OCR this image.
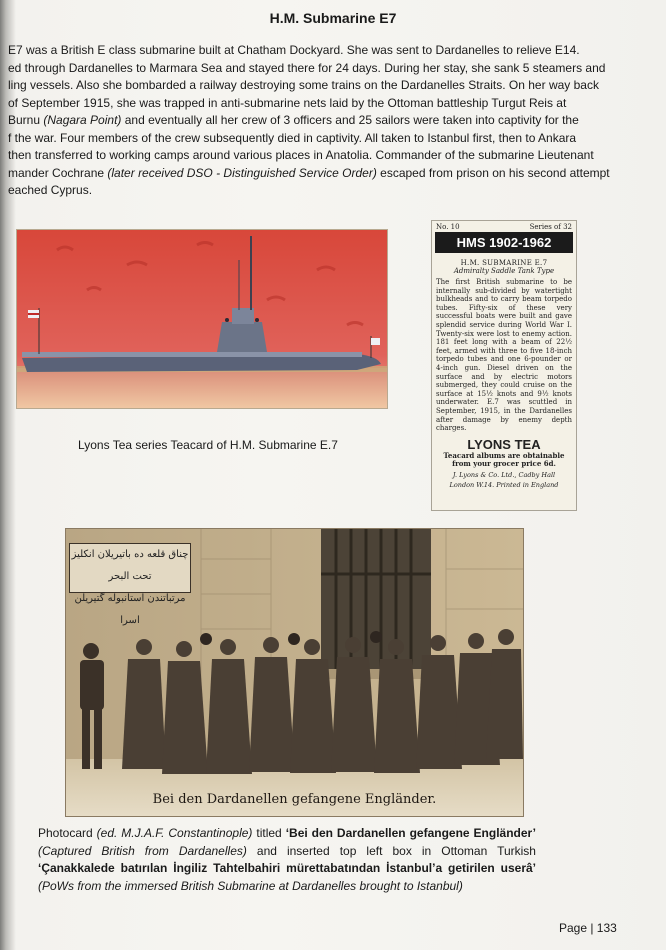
H.M. Submarine E7

E7 was a British E class submarine built at Chatham Dockyard. She was sent to Dardanelles to relieve E14.

ed through Dardanelles to Marmara Sea and stayed there for 24 days. During her stay, she sank 5 steamers and

ling vessels. Also she bombarded a railway destroying some trains on the Dardanelles Straits. On her way back

of September 1915, she was trapped in anti-submarine nets laid by the Ottoman battleship Turgut Reis at

Burnu (Nagara Point) and eventually all her crew of 3 officers and 25 sailors were taken into captivity for the

f the war. Four members of the crew subsequently died in captivity. All taken to Istanbul first, then to Ankara

then transferred to working camps around various places in Anatolia. Commander of the submarine Lieutenant

mander Cochrane (later received DSO - Distinguished Service Order) escaped from prison on his second attempt

eached Cyprus.

Lyons Tea series Teacard of H.M. Submarine E.7
No. 10	Series of 32
HMS 1902-1962
H.M. SUBMARINE E.7
Admiralty Saddle Tank Type
The first British submarine to be internally sub-divided by watertight bulkheads and to carry beam torpedo tubes. Fifty-six of these very successful boats were built and gave splendid service during World War I. Twenty-six were lost to enemy action. 181 feet long with a beam of 22½ feet, armed with three to five 18-inch torpedo tubes and one 6-pounder or 4-inch gun. Diesel driven on the surface and by electric motors submerged, they could cruise on the surface at 15½ knots and 9½ knots underwater. E.7 was scuttled in September, 1915, in the Dardanelles after damage by enemy depth charges.
LYONS TEA
Teacard albums are obtainable
from your grocer price 6d.
J. Lyons & Co. Ltd., Cadby Hall
London W.14. Printed in England
چناق قلعه ده باتیریلان انكليز تحت البحر
مرتباتندن استانبوله گتیریلن اسرا
Bei den Dardanellen gefangene Engländer.

Photocard (ed. M.J.A.F. Constantinople) titled ‘Bei den Dardanellen gefangene Engländer’ (Captured British from Dardanelles) and inserted top left box in Ottoman Turkish ‘Çanakkalede batırılan İngiliz Tahtelbahiri mürettabatından İstanbul’a getirilen userâ’ (PoWs from the immersed British Submarine at Dardanelles brought to Istanbul)

Page | 133
